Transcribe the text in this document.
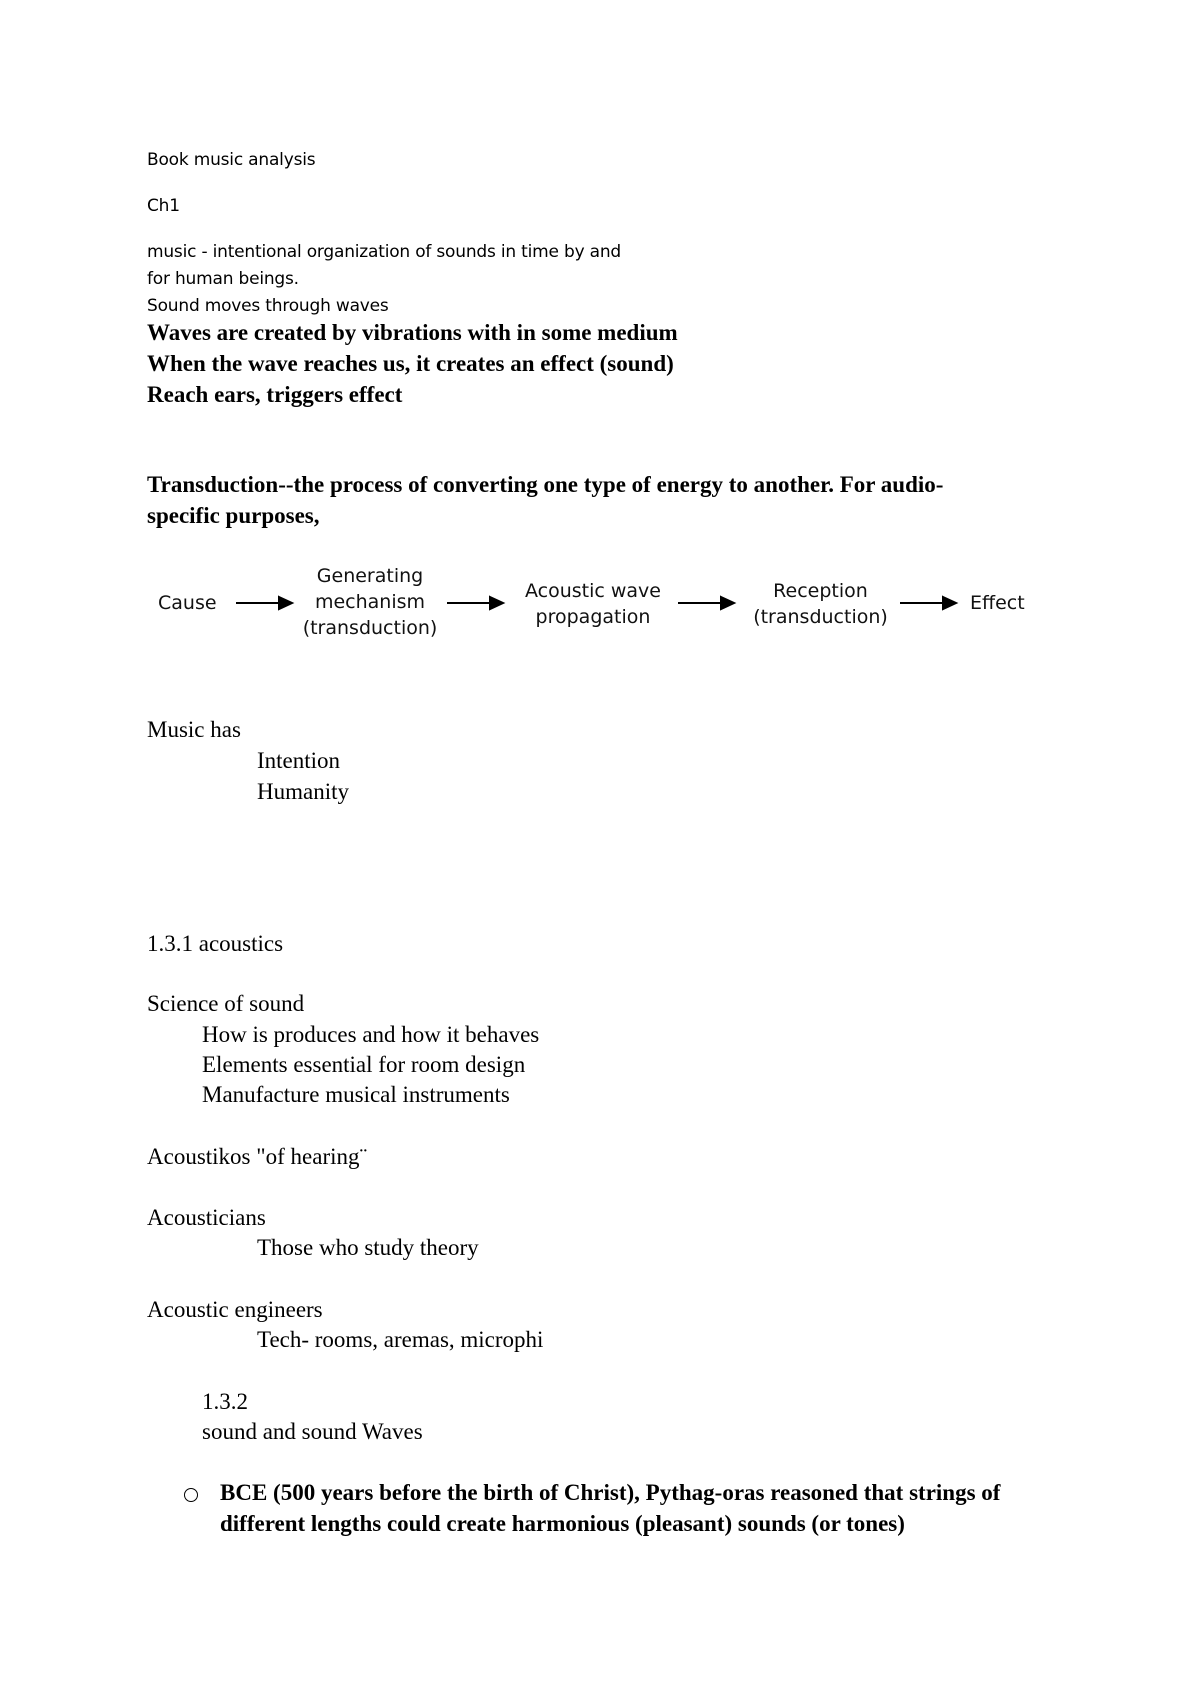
Book music analysis
Ch1
music - intentional organization of sounds in time by and
for human beings.
Sound moves through waves
Waves are created by vibrations with in some medium
When the wave reaches us, it creates an effect (sound)
Reach ears, triggers effect
Transduction--the process of converting one type of energy to another. For audio-
specific purposes,
Cause
Generating
mechanism
(transduction)
Acoustic wave
propagation
Reception
(transduction)
Effect
Music has
Intention
Humanity
1.3.1 acoustics
Science of sound
How is produces and how it behaves
Elements essential for room design
Manufacture musical instruments
Acoustikos "of hearing¨
Acousticians
Those who study theory
Acoustic engineers
Tech- rooms, aremas, microphi
1.3.2
sound and sound Waves
BCE (500 years before the birth of Christ), Pythag-oras reasoned that strings of
different lengths could create harmonious (pleasant) sounds (or tones)
